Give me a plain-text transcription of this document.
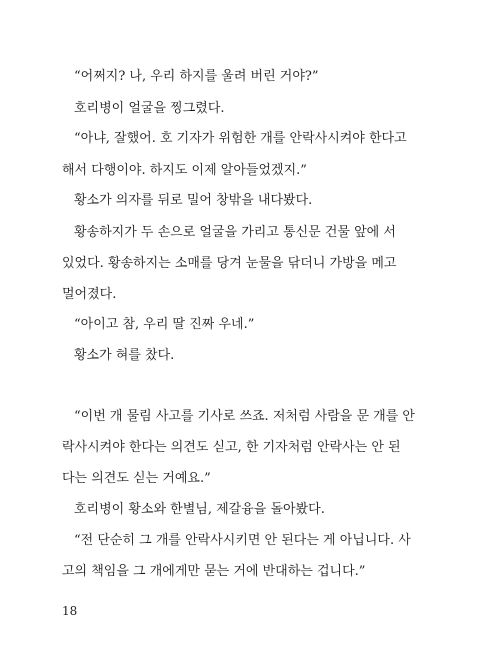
“어쩌지? 나, 우리 하지를 울려 버린 거야?”

호리병이 얼굴을 찡그렸다.

“아냐, 잘했어. 호 기자가 위험한 개를 안락사시켜야 한다고
해서 다행이야. 하지도 이제 알아들었겠지.”

황소가 의자를 뒤로 밀어 창밖을 내다봤다.

황송하지가 두 손으로 얼굴을 가리고 통신문 건물 앞에 서
있었다. 황송하지는 소매를 당겨 눈물을 닦더니 가방을 메고
멀어졌다.

“아이고 참, 우리 딸 진짜 우네.”

황소가 혀를 찼다.

“이번 개 물림 사고를 기사로 쓰죠. 저처럼 사람을 문 개를 안
락사시켜야 한다는 의견도 싣고, 한 기자처럼 안락사는 안 된
다는 의견도 싣는 거예요.”

호리병이 황소와 한별님, 제갈융을 돌아봤다.

“전 단순히 그 개를 안락사시키면 안 된다는 게 아닙니다. 사
고의 책임을 그 개에게만 묻는 거에 반대하는 겁니다.”

18
